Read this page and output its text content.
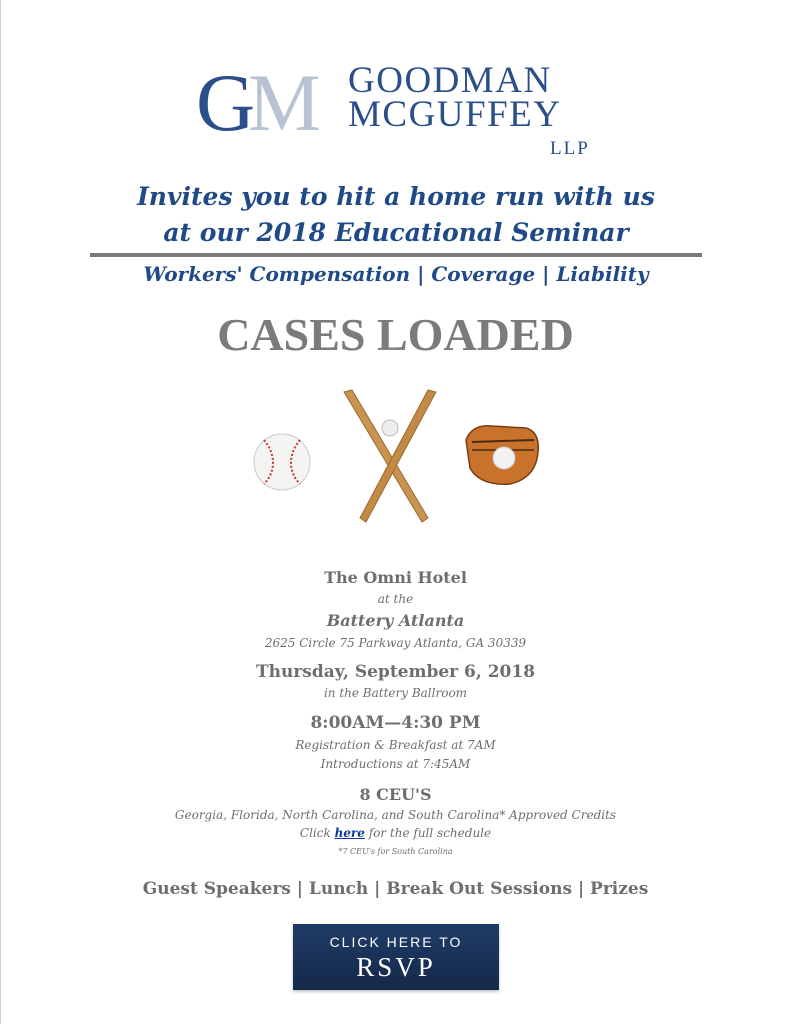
G
M GOODMAN
MCGUFFEY
LLP
Invites you to hit a home run with us
at our 2018 Educational Seminar
Workers' Compensation | Coverage | Liability
CASES LOADED
The Omni Hotel
at the
Battery Atlanta
2625 Circle 75 Parkway Atlanta, GA 30339
Thursday, September 6, 2018
in the Battery Ballroom
8:00AM—4:30 PM
Registration & Breakfast at 7AM
Introductions at 7:45AM
8 CEU'S
Georgia, Florida, North Carolina, and South Carolina* Approved Credits
Click here for the full schedule
*7 CEU's for South Carolina
Guest Speakers | Lunch | Break Out Sessions | Prizes
CLICK HERE TO
RSVP
